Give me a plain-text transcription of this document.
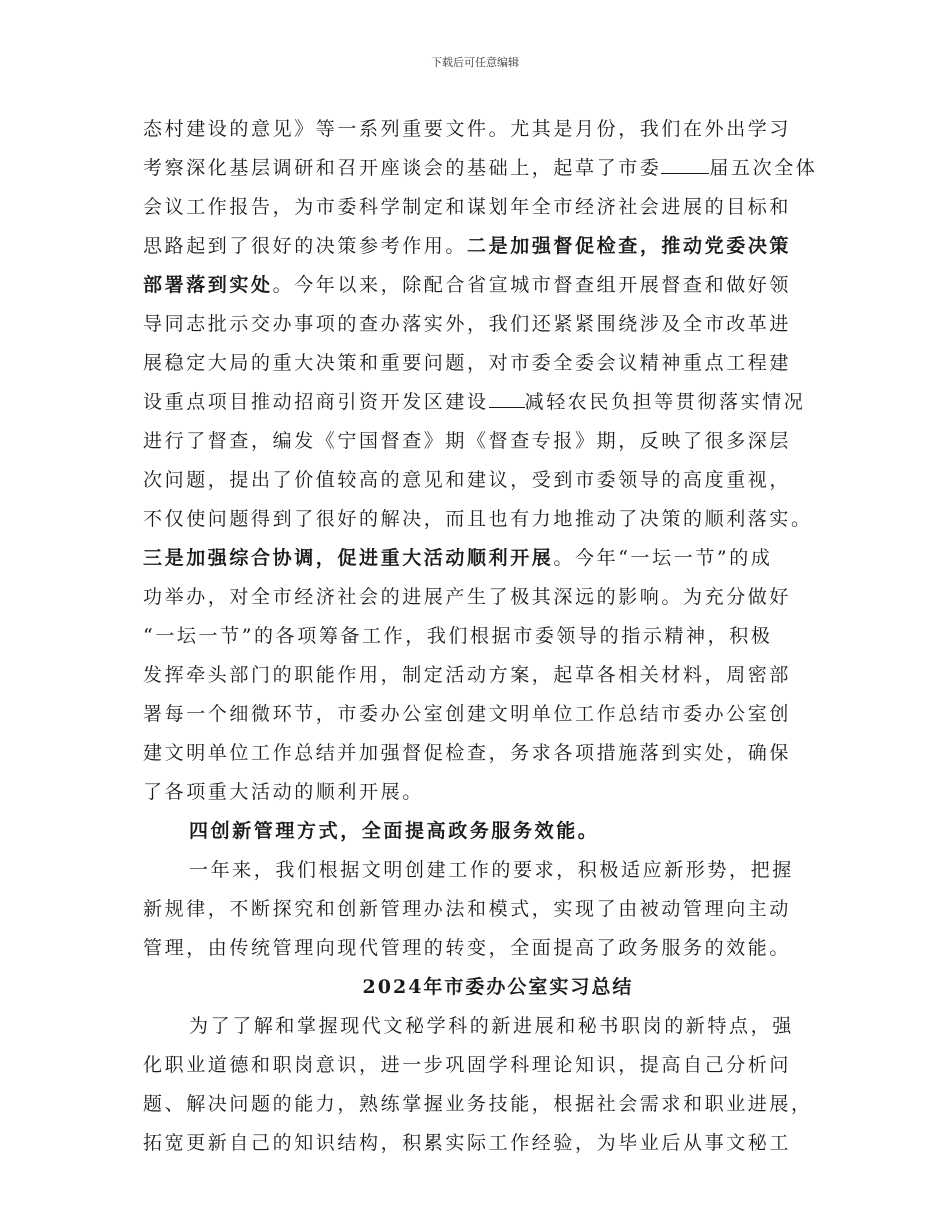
下载后可任意编辑
态村建设的意见》等一系列重要文件。尤其是月份，我们在外出学习
考察深化基层调研和召开座谈会的基础上，起草了市委	届五次全体
会议工作报告，为市委科学制定和谋划年全市经济社会进展的目标和
思路起到了很好的决策参考作用。二是加强督促检查，推动党委决策
部署落到实处。今年以来，除配合省宣城市督查组开展督查和做好领
导同志批示交办事项的查办落实外，我们还紧紧围绕涉及全市改革进
展稳定大局的重大决策和重要问题，对市委全委会议精神重点工程建
设重点项目推动招商引资开发区建设 减轻农民负担等贯彻落实情况
进行了督查，编发《宁国督查》期《督查专报》期，反映了很多深层
次问题，提出了价值较高的意见和建议，受到市委领导的高度重视，
不仅使问题得到了很好的解决，而且也有力地推动了决策的顺利落实。
三是加强综合协调，促进重大活动顺利开展。今年“一坛一节”的成
功举办，对全市经济社会的进展产生了极其深远的影响。为充分做好
“一坛一节”的各项筹备工作，我们根据市委领导的指示精神，积极
发挥牵头部门的职能作用，制定活动方案，起草各相关材料，周密部
署每一个细微环节，市委办公室创建文明单位工作总结市委办公室创
建文明单位工作总结并加强督促检查，务求各项措施落到实处，确保
了各项重大活动的顺利开展。
四创新管理方式，全面提高政务服务效能。
一年来，我们根据文明创建工作的要求，积极适应新形势，把握
新规律，不断探究和创新管理办法和模式，实现了由被动管理向主动
管理，由传统管理向现代管理的转变，全面提高了政务服务的效能。
2024年市委办公室实习总结
为了了解和掌握现代文秘学科的新进展和秘书职岗的新特点，强
化职业道德和职岗意识，进一步巩固学科理论知识，提高自己分析问
题、解决问题的能力，熟练掌握业务技能，根据社会需求和职业进展，
拓宽更新自己的知识结构，积累实际工作经验，为毕业后从事文秘工
